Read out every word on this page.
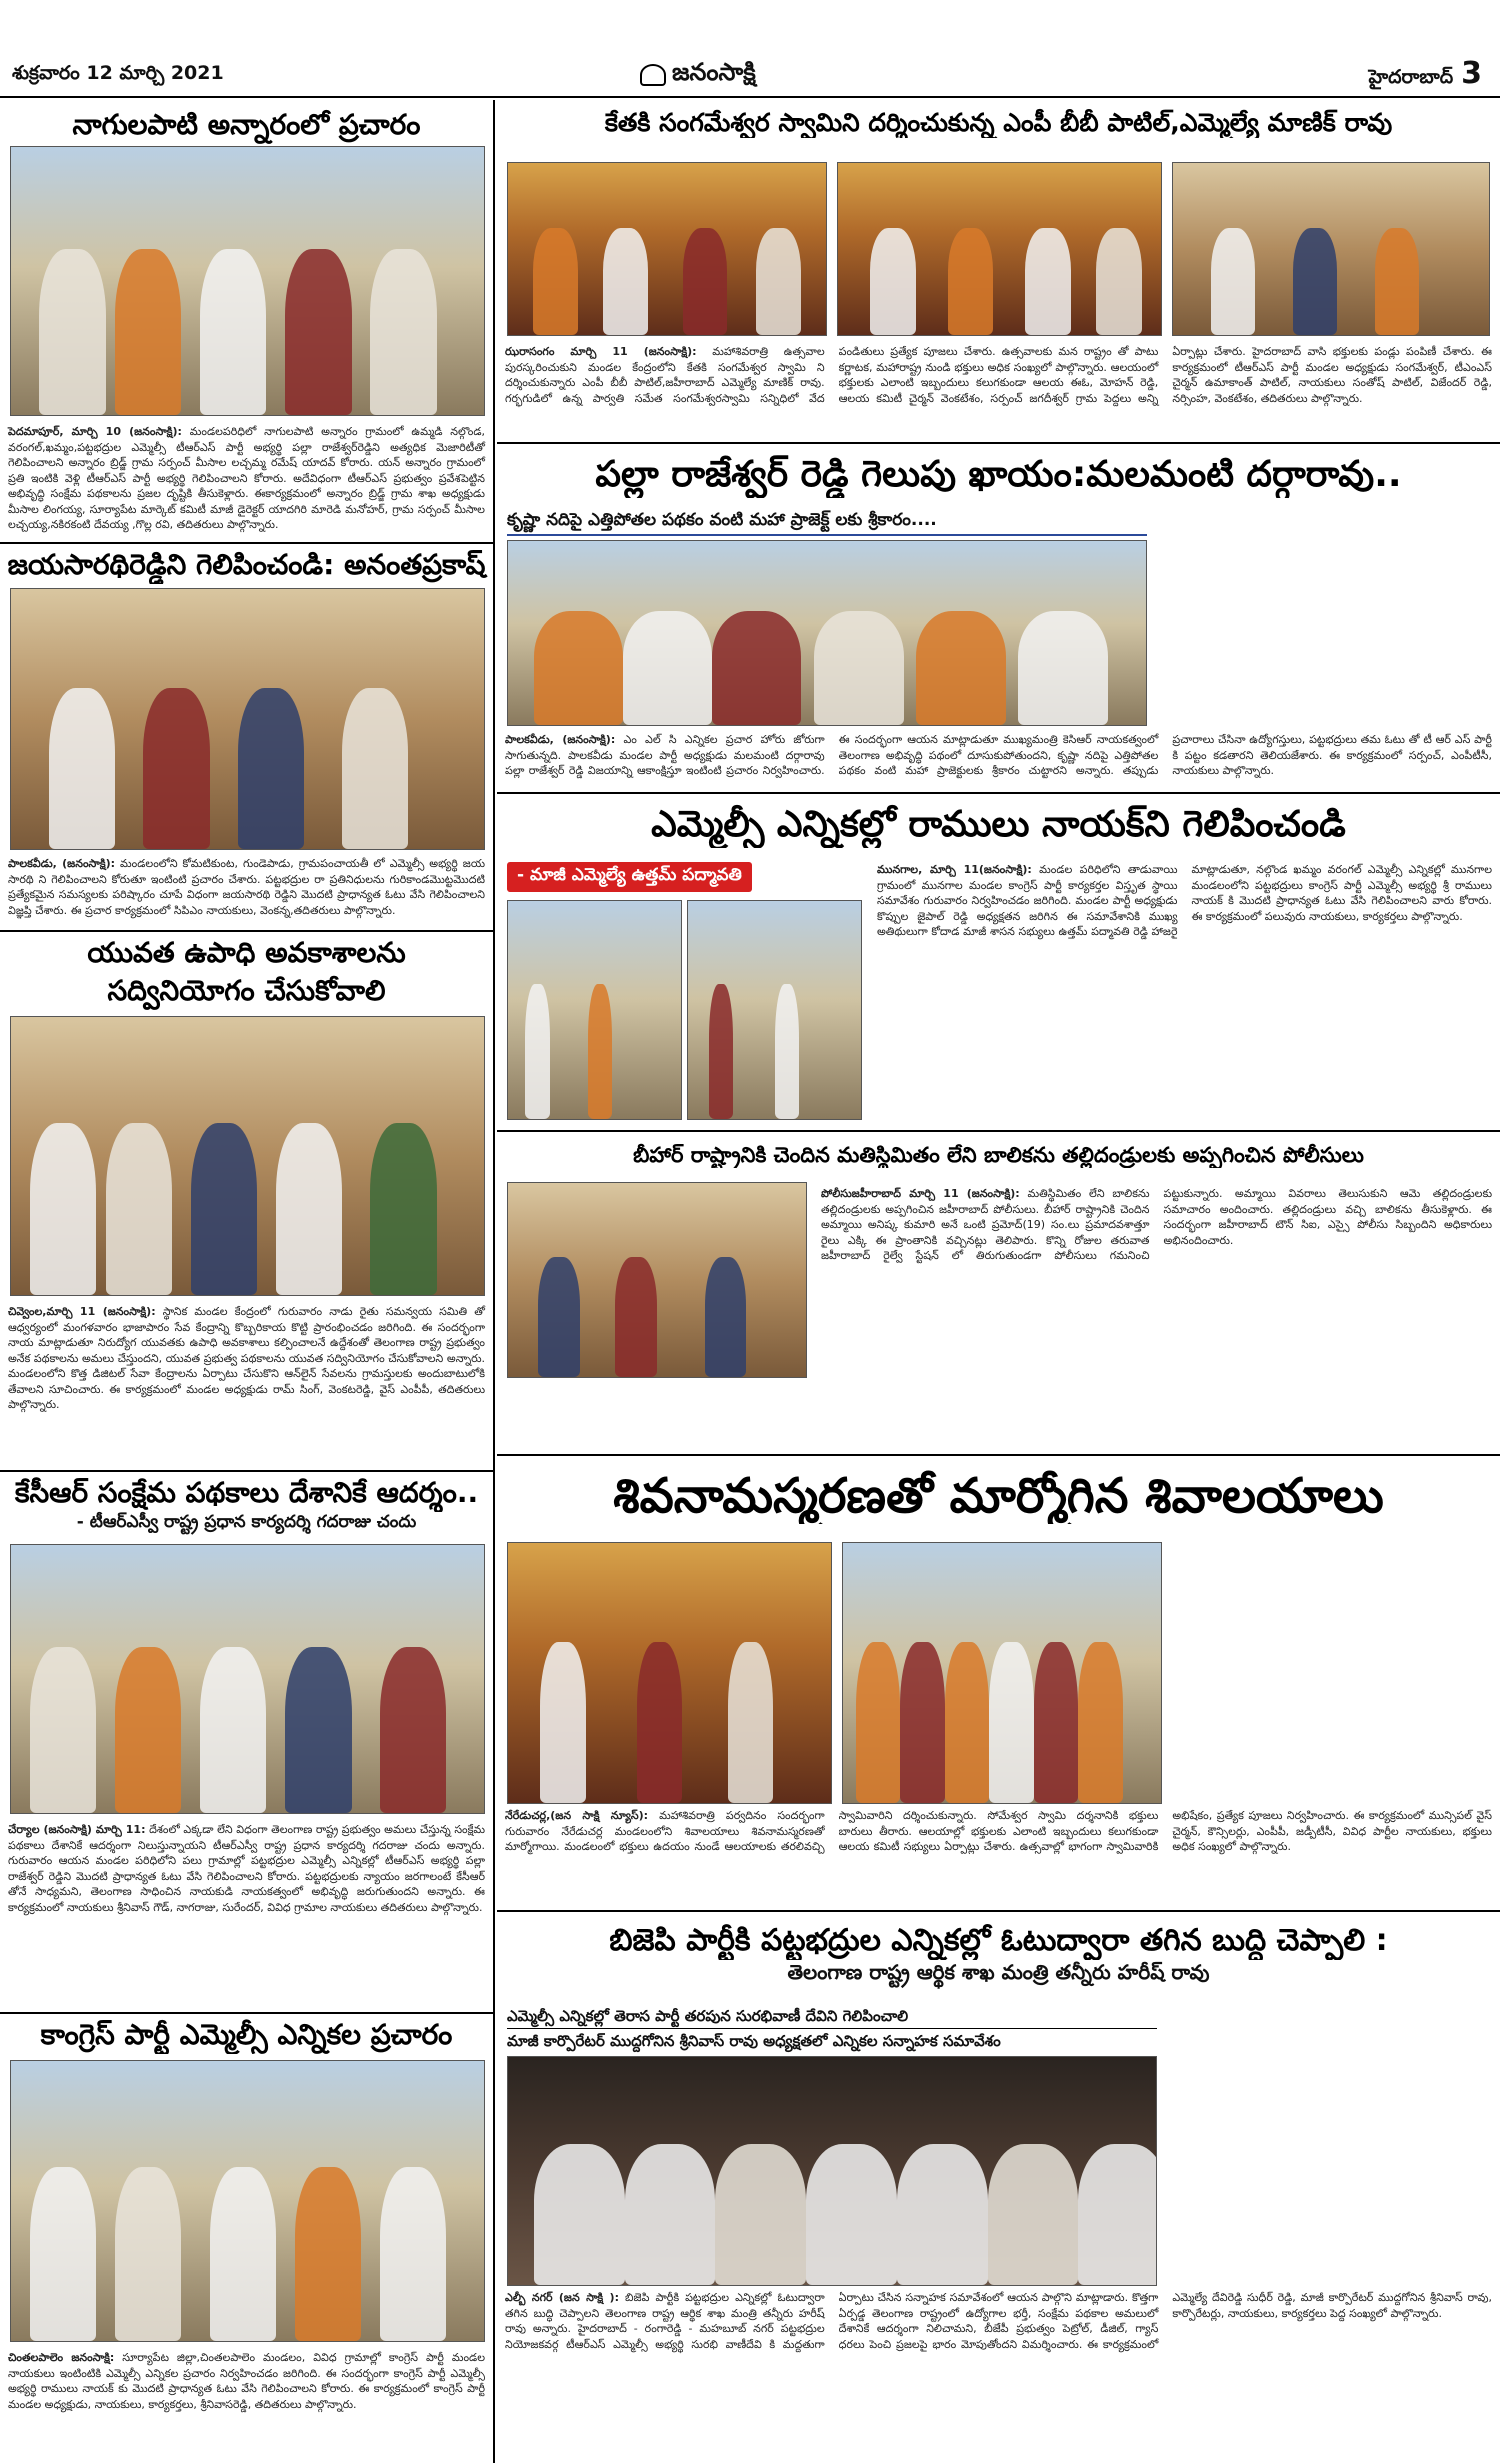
శుక్రవారం 12 మార్చి 2021	జనంసాక్షి	హైదరాబాద్ 3
నాగులపాటి అన్నారంలో ప్రచారం
పెదమాపూర్, మార్చి 10 (జనంసాక్షి): మండలపరిధిలో నాగులపాటి అన్నారం గ్రామంలో ఉమ్మడి నల్గొండ, వరంగల్,ఖమ్మం,పట్టభద్రుల ఎమ్మెల్సీ టీఆర్ఎస్ పార్టీ అభ్యర్థి పల్లా రాజేశ్వర్‌రెడ్డిని అత్యధిక మెజారిటీతో గెలిపించాలని అన్నారం బ్రిడ్జ్ గ్రామ సర్పంచ్ మీసాల లచ్చమ్మ రమేష్ యాదవ్ కోరారు. యన్ అన్నారం గ్రామంలో ప్రతి ఇంటికి వెళ్లి టీఆర్ఎస్ పార్టీ అభ్యర్థి గెలిపించాలని కోరారు. అదేవిధంగా టీఆర్ఎస్ ప్రభుత్వం ప్రవేశపెట్టిన అభివృద్ధి సంక్షేమ పథకాలను ప్రజల దృష్టికి తీసుకెళ్లారు. ఈకార్యక్రమంలో అన్నారం బ్రిడ్జ్ గ్రామ శాఖ అధ్యక్షుడు మీసాల లింగయ్య, సూర్యాపేట మార్కెట్ కమిటీ మాజీ డైరెక్టర్ యాదగిరి మారెడి మనోహర్, గ్రామ సర్పంచ్ మీసాల లచ్చయ్య,నకిరకంటి దేవయ్య ,గొల్ల రవి, తదితరులు పాల్గొన్నారు.
జయసారథిరెడ్డిని గెలిపించండి: అనంతప్రకాష్
పాలకవీడు, (జనంసాక్షి): మండలంలోని కోమటికుంట, గుండెపాడు, గ్రామపంచాయతీ లో ఎమ్మెల్సీ అభ్యర్థి జయ సారథి ని గెలిపించాలని కోరుతూ ఇంటింటి ప్రచారం చేశారు. పట్టభద్రుల రా ప్రతినిధులను గురికాండమొట్టమొదటి ప్రత్యేకమైన సమస్యలకు పరిష్కారం చూపే విధంగా జయసారథి రెడ్డిని మొదటి ప్రాధాన్యత ఓటు వేసి గెలిపించాలని విజ్ఞప్తి చేశారు. ఈ ప్రచార కార్యక్రమంలో సిపిఎం నాయకులు, వెంకన్న,తదితరులు పాల్గొన్నారు.
యువత ఉపాధి అవకాశాలను
సద్వినియోగం చేసుకోవాలి
చివ్వెంల,మార్చి 11 (జనంసాక్షి): స్థానిక మండల కేంద్రంలో గురువారం నాడు రైతు సమన్వయ సమితి తో ఆధ్వర్యంలో మంగళవారం భాజాపారం సేవ కేంద్రాన్ని కొబ్బరికాయ కొట్టి ప్రారంభించడం జరిగింది. ఈ సందర్భంగా నాయ మాట్లాడుతూ నిరుద్యోగ యువతకు ఉపాధి అవకాశాలు కల్పించాలనే ఉద్దేశంతో తెలంగాణ రాష్ట్ర ప్రభుత్వం అనేక పథకాలను అమలు చేస్తుందని, యువత ప్రభుత్వ పథకాలను యువత సద్వినియోగం చేసుకోవాలని అన్నారు. మండలంలోని కొత్త డిజిటల్ సేవా కేంద్రాలను ఏర్పాటు చేసుకొని ఆన్‌లైన్ సేవలను గ్రామస్తులకు అందుబాటులోకి తేవాలని సూచించారు. ఈ కార్యక్రమంలో మండల అధ్యక్షుడు రామ్ సింగ్, వెంకటరెడ్డి, వైస్ ఎంపీపీ, తదితరులు పాల్గొన్నారు.
కేసీఆర్ సంక్షేమ పథకాలు దేశానికే ఆదర్శం..
- టీఆర్ఎస్వీ రాష్ట్ర ప్రధాన కార్యదర్శి గదరాజు చందు
చేర్యాల (జనంసాక్షి) మార్చి 11: దేశంలో ఎక్కడా లేని విధంగా తెలంగాణ రాష్ట్ర ప్రభుత్వం అమలు చేస్తున్న సంక్షేమ పథకాలు దేశానికే ఆదర్శంగా నిలుస్తున్నాయని టీఆర్ఎస్వీ రాష్ట్ర ప్రధాన కార్యదర్శి గదరాజు చందు అన్నారు. గురువారం ఆయన మండల పరిధిలోని పలు గ్రామాల్లో పట్టభద్రుల ఎమ్మెల్సీ ఎన్నికల్లో టీఆర్ఎస్ అభ్యర్థి పల్లా రాజేశ్వర్ రెడ్డిని మొదటి ప్రాధాన్యత ఓటు వేసి గెలిపించాలని కోరారు. పట్టభద్రులకు న్యాయం జరగాలంటే కేసీఆర్ తోనే సాధ్యమని, తెలంగాణ సాధించిన నాయకుడి నాయకత్వంలో అభివృద్ధి జరుగుతుందని అన్నారు. ఈ కార్యక్రమంలో నాయకులు శ్రీనివాస్ గౌడ్, నాగరాజు, సురేందర్, వివిధ గ్రామాల నాయకులు తదితరులు పాల్గొన్నారు.
కాంగ్రెస్ పార్టీ ఎమ్మెల్సీ ఎన్నికల ప్రచారం
చింతలపాలెం జనంసాక్షి: సూర్యాపేట జిల్లా,చింతలపాలెం మండలం, వివిధ గ్రామాల్లో కాంగ్రెస్ పార్టీ మండల నాయకులు ఇంటింటికి ఎమ్మెల్సీ ఎన్నికల ప్రచారం నిర్వహించడం జరిగింది. ఈ సందర్భంగా కాంగ్రెస్ పార్టీ ఎమ్మెల్సీ అభ్యర్థి రాములు నాయక్ కు మొదటి ప్రాధాన్యత ఓటు వేసి గెలిపించాలని కోరారు. ఈ కార్యక్రమంలో కాంగ్రెస్ పార్టీ మండల అధ్యక్షుడు, నాయకులు, కార్యకర్తలు, శ్రీనివాసరెడ్డి, తదితరులు పాల్గొన్నారు.
కేతకి సంగమేశ్వర స్వామిని దర్శించుకున్న ఎంపీ బీబీ పాటిల్,ఎమ్మెల్యే మాణిక్ రావు
ఝరాసంగం మార్చి 11 (జనంసాక్షి): మహాశివరాత్రి ఉత్సవాల పురస్కరించుకుని మండల కేంద్రంలోని కేతకి సంగమేశ్వర స్వామి ని దర్శించుకున్నారు ఎంపీ బీబీ పాటిల్,జహీరాబాద్ ఎమ్మెల్యే మాణిక్ రావు. గర్భగుడిలో ఉన్న పార్వతి సమేత సంగమేశ్వరస్వామి సన్నిధిలో వేద పండితులు ప్రత్యేక పూజలు చేశారు. ఉత్సవాలకు మన రాష్ట్రం తో పాటు కర్ణాటక, మహారాష్ట్ర నుండి భక్తులు అధిక సంఖ్యలో పాల్గొన్నారు. ఆలయంలో భక్తులకు ఎలాంటి ఇబ్బందులు కలుగకుండా ఆలయ ఈఓ, మోహన్ రెడ్డి, ఆలయ కమిటీ చైర్మన్ వెంకటేశం, సర్పంచ్ జగదీశ్వర్ గ్రామ పెద్దలు అన్ని ఏర్పాట్లు చేశారు. హైదరాబాద్ వాసి భక్తులకు పండ్లు పంపిణీ చేశారు. ఈ కార్యక్రమంలో టీఆర్ఎస్ పార్టీ మండల అధ్యక్షుడు సంగమేశ్వర్, టీఎంఎస్ చైర్మన్ ఉమాకాంత్ పాటిల్, నాయకులు సంతోష్ పాటిల్, విజేందర్ రెడ్డి, నర్సింహ, వెంకటేశం, తదితరులు పాల్గొన్నారు.
పల్లా రాజేశ్వర్ రెడ్డి గెలుపు ఖాయం:మలమంటి దర్గారావు..
కృష్ణా నదిపై ఎత్తిపోతల పథకం వంటి మహా ప్రాజెక్ట్ లకు శ్రీకారం....
పాలకవీడు, (జనంసాక్షి): ఎం ఎల్ సి ఎన్నికల ప్రచార హోరు జోరుగా సాగుతున్నది. పాలకవీడు మండల పార్టీ అధ్యక్షుడు మలమంటి దర్గారావు పల్లా రాజేశ్వర్ రెడ్డి విజయాన్ని ఆకాంక్షిస్తూ ఇంటింటి ప్రచారం నిర్వహించారు. ఈ సందర్భంగా ఆయన మాట్లాడుతూ ముఖ్యమంత్రి కెసిఆర్ నాయకత్వంలో తెలంగాణ అభివృద్ధి పథంలో దూసుకుపోతుందని, కృష్ణా నదిపై ఎత్తిపోతల పథకం వంటి మహా ప్రాజెక్టులకు శ్రీకారం చుట్టారని అన్నారు. తప్పుడు ప్రచారాలు చేసినా ఉద్యోగస్తులు, పట్టభద్రులు తమ ఓటు తో టీ ఆర్ ఎస్ పార్టీ కి పట్టం కడతారని తెలియజేశారు. ఈ కార్యక్రమంలో సర్పంచ్, ఎంపీటీసీ, నాయకులు పాల్గొన్నారు.
ఎమ్మెల్సీ ఎన్నికల్లో రాములు నాయక్‌ని గెలిపించండి
- మాజీ ఎమ్మెల్యే ఉత్తమ్ పద్మావతి	మునగాల, మార్చి 11(జనంసాక్షి): మండల పరిధిలోని తాడువాయి గ్రామంలో మునగాల మండల కాంగ్రెస్ పార్టీ కార్యకర్తల విస్తృత స్థాయి సమావేశం గురువారం నిర్వహించడం జరిగింది. మండల పార్టీ అధ్యక్షుడు కొప్పుల జైపాల్ రెడ్డి అధ్యక్షతన జరిగిన ఈ సమావేశానికి ముఖ్య అతిథులుగా కోదాడ మాజీ శాసన సభ్యులు ఉత్తమ్ పద్మావతి రెడ్డి హాజరై మాట్లాడుతూ, నల్గొండ ఖమ్మం వరంగల్ ఎమ్మెల్సీ ఎన్నికల్లో మునగాల మండలంలోని పట్టభద్రులు కాంగ్రెస్ పార్టీ ఎమ్మెల్సీ అభ్యర్థి శ్రీ రాములు నాయక్ కి మొదటి ప్రాధాన్యత ఓటు వేసి గెలిపించాలని వారు కోరారు. ఈ కార్యక్రమంలో పలువురు నాయకులు, కార్యకర్తలు పాల్గొన్నారు.
బీహార్ రాష్ట్రానికి చెందిన మతిస్థిమితం లేని బాలికను తల్లిదండ్రులకు అప్పగించిన పోలీసులు
పోలీసుజహీరాబాద్ మార్చి 11 (జనంసాక్షి): మతిస్థిమితం లేని బాలికను తల్లిదండ్రులకు అప్పగించిన జహీరాబాద్ పోలీసులు. బీహార్ రాష్ట్రానికి చెందిన అమ్మాయి అనిష్క కుమారి అనే ఒంటి ప్రమోద్(19) సం.లు ప్రమాదవశాత్తూ రైలు ఎక్కి ఈ ప్రాంతానికి వచ్చినట్లు తెలిపారు. కొన్ని రోజుల తరువాత జహీరాబాద్ రైల్వే స్టేషన్ లో తిరుగుతుండగా పోలీసులు గమనించి పట్టుకున్నారు. అమ్మాయి వివరాలు తెలుసుకుని ఆమె తల్లిదండ్రులకు సమాచారం అందించారు. తల్లిదండ్రులు వచ్చి బాలికను తీసుకెళ్లారు. ఈ సందర్భంగా జహీరాబాద్ టౌన్ సిఐ, ఎస్సై పోలీసు సిబ్బందిని అధికారులు అభినందించారు.
శివనామస్మరణతో మార్మోగిన శివాలయాలు
నేరేడుచర్ల,(జన సాక్షి న్యూస్): మహాశివరాత్రి పర్వదినం సందర్భంగా గురువారం నేరేడుచర్ల మండలంలోని శివాలయాలు శివనామస్మరణతో మార్మోగాయి. మండలంలో భక్తులు ఉదయం నుండే ఆలయాలకు తరలివచ్చి స్వామివారిని దర్శించుకున్నారు. సోమేశ్వర స్వామి దర్శనానికి భక్తులు బారులు తీరారు. ఆలయాల్లో భక్తులకు ఎలాంటి ఇబ్బందులు కలుగకుండా ఆలయ కమిటీ సభ్యులు ఏర్పాట్లు చేశారు. ఉత్సవాల్లో భాగంగా స్వామివారికి అభిషేకం, ప్రత్యేక పూజలు నిర్వహించారు. ఈ కార్యక్రమంలో మున్సిపల్ వైస్ చైర్మన్, కౌన్సిలర్లు, ఎంపీపీ, జడ్పీటీసీ, వివిధ పార్టీల నాయకులు, భక్తులు అధిక సంఖ్యలో పాల్గొన్నారు.
బిజెపి పార్టీకి పట్టభద్రుల ఎన్నికల్లో ఓటుద్వారా తగిన బుద్ధి చెప్పాలి :
తెలంగాణ రాష్ట్ర ఆర్థిక శాఖ మంత్రి తన్నీరు హరీష్ రావు
ఎమ్మెల్సీ ఎన్నికల్లో తెరాస పార్టీ తరపున సురభివాణీ దేవిని గెలిపించాలి
మాజీ కార్పొరేటర్ ముద్దగోనిన శ్రీనివాస్ రావు అధ్యక్షతలో ఎన్నికల సన్నాహక సమావేశం
ఎల్బీ నగర్ (జన సాక్షి ): బిజెపి పార్టీకి పట్టభద్రుల ఎన్నికల్లో ఓటుద్వారా తగిన బుద్ధి చెప్పాలని తెలంగాణ రాష్ట్ర ఆర్థిక శాఖ మంత్రి తన్నీరు హరీష్ రావు అన్నారు. హైదరాబాద్ - రంగారెడ్డి - మహబూబ్ నగర్ పట్టభద్రుల నియోజకవర్గ టీఆర్ఎస్ ఎమ్మెల్సీ అభ్యర్థి సురభి వాణీదేవి కి మద్దతుగా ఏర్పాటు చేసిన సన్నాహక సమావేశంలో ఆయన పాల్గొని మాట్లాడారు. కొత్తగా ఏర్పడ్డ తెలంగాణ రాష్ట్రంలో ఉద్యోగాల భర్తీ, సంక్షేమ పథకాల అమలులో దేశానికే ఆదర్శంగా నిలిచామని, బీజేపీ ప్రభుత్వం పెట్రోల్, డీజిల్, గ్యాస్ ధరలు పెంచి ప్రజలపై భారం మోపుతోందని విమర్శించారు. ఈ కార్యక్రమంలో ఎమ్మెల్యే దేవిరెడ్డి సుధీర్ రెడ్డి, మాజీ కార్పొరేటర్ ముద్దగోనిన శ్రీనివాస్ రావు, కార్పొరేటర్లు, నాయకులు, కార్యకర్తలు పెద్ద సంఖ్యలో పాల్గొన్నారు.
